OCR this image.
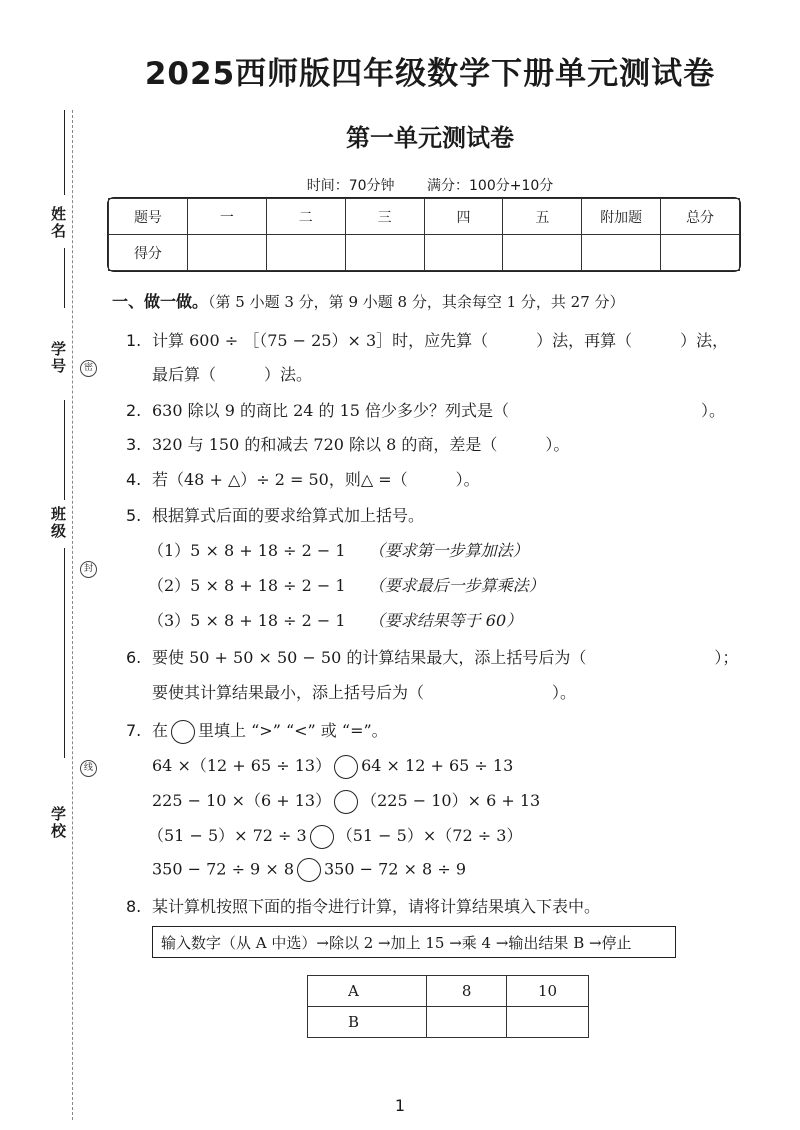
姓名
学号	密
班级
封
线
学校
2025西师版四年级数学下册单元测试卷
第一单元测试卷
时间：70分钟 满分：100分+10分
题号	一	二	三	四	五	附加题	总分
得分							
一、做一做。（第 5 小题 3 分，第 9 小题 8 分，其余每空 1 分，共 27 分）
1. 计算 600 ÷ ［（75 − 25）× 3］时，应先算（　　　）法，再算（　　　）法，
最后算（　　　）法。
2. 630 除以 9 的商比 24 的 15 倍少多少？列式是（　　　　　　　　　　　　）。
3. 320 与 150 的和减去 720 除以 8 的商，差是（　　　）。
4. 若（48 + △）÷ 2 = 50，则△ =（　　　）。
5. 根据算式后面的要求给算式加上括号。
（1）5 × 8 + 18 ÷ 2 − 1 （要求第一步算加法）
（2）5 × 8 + 18 ÷ 2 − 1 （要求最后一步算乘法）
（3）5 × 8 + 18 ÷ 2 − 1 （要求结果等于 60）
6. 要使 50 + 50 × 50 − 50 的计算结果最大，添上括号后为（　　　　　　　　）；
要使其计算结果最小，添上括号后为（　　　　　　　　）。
7. 在 里填上 “>” “<” 或 “=”。
64 ×（12 + 65 ÷ 13） 64 × 12 + 65 ÷ 13
225 − 10 ×（6 + 13） （225 − 10）× 6 + 13
（51 − 5）× 72 ÷ 3 （51 − 5）×（72 ÷ 3）
350 − 72 ÷ 9 × 8 350 − 72 × 8 ÷ 9
8. 某计算机按照下面的指令进行计算，请将计算结果填入下表中。
输入数字（从 A 中选）→除以 2 →加上 15 →乘 4 →输出结果 B →停止
A	8	10
B		
1
